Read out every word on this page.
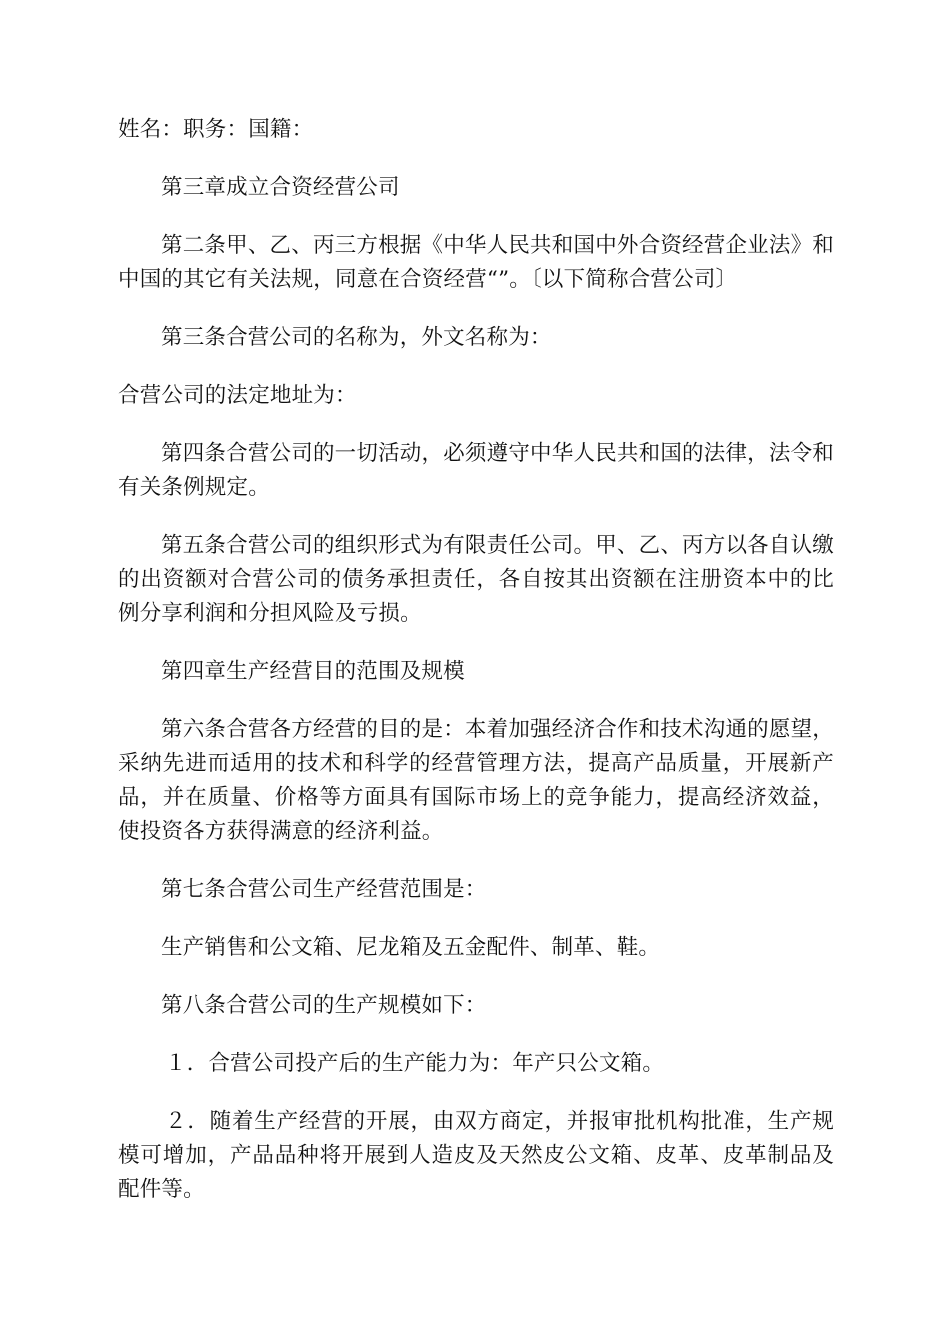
姓名：职务：国籍：

第三章成立合资经营公司

第二条甲、乙、丙三方根据《中华人民共和国中外合资经营企业法》和中国的其它有关法规，同意在合资经营“”。〔以下简称合营公司〕

第三条合营公司的名称为，外文名称为：

合营公司的法定地址为：

第四条合营公司的一切活动，必须遵守中华人民共和国的法律，法令和有关条例规定。

第五条合营公司的组织形式为有限责任公司。甲、乙、丙方以各自认缴的出资额对合营公司的债务承担责任，各自按其出资额在注册资本中的比例分享利润和分担风险及亏损。

第四章生产经营目的范围及规模

第六条合营各方经营的目的是：本着加强经济合作和技术沟通的愿望，采纳先进而适用的技术和科学的经营管理方法，提高产品质量，开展新产品，并在质量、价格等方面具有国际市场上的竞争能力，提高经济效益，使投资各方获得满意的经济利益。

第七条合营公司生产经营范围是：

生产销售和公文箱、尼龙箱及五金配件、制革、鞋。

第八条合营公司的生产规模如下：

１．合营公司投产后的生产能力为：年产只公文箱。

２．随着生产经营的开展，由双方商定，并报审批机构批准，生产规模可增加，产品品种将开展到人造皮及天然皮公文箱、皮革、皮革制品及配件等。
